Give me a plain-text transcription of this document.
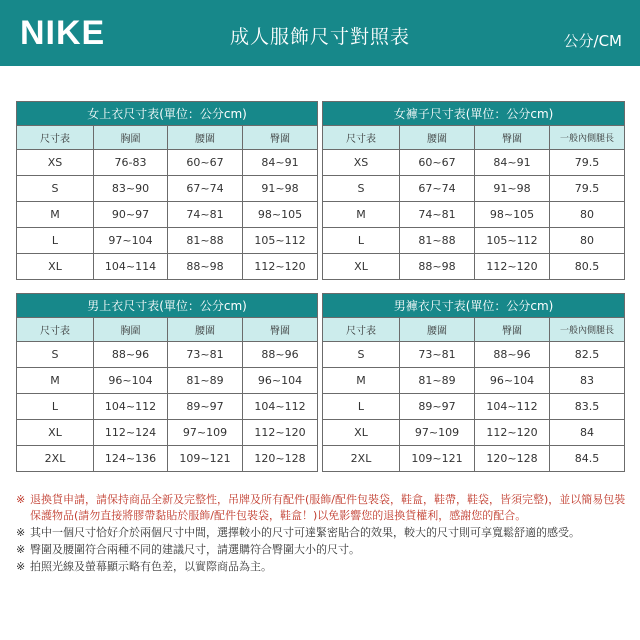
NIKE	成人服飾尺寸對照表	公分/CM
女上衣尺寸表(單位：公分cm)			
尺寸表	胸圍	腰圍	臀圍
XS	76-83	60~67	84~91
S	83~90	67~74	91~98
M	90~97	74~81	98~105
L	97~104	81~88	105~112
XL	104~114	88~98	112~120
女褲子尺寸表(單位：公分cm)			
尺寸表	腰圍	臀圍	一般內側腿長
XS	60~67	84~91	79.5
S	67~74	91~98	79.5
M	74~81	98~105	80
L	81~88	105~112	80
XL	88~98	112~120	80.5
男上衣尺寸表(單位：公分cm)			
尺寸表	胸圍	腰圍	臀圍
S	88~96	73~81	88~96
M	96~104	81~89	96~104
L	104~112	89~97	104~112
XL	112~124	97~109	112~120
2XL	124~136	109~121	120~128
男褲衣尺寸表(單位：公分cm)			
尺寸表	腰圍	臀圍	一般內側腿長
S	73~81	88~96	82.5
M	81~89	96~104	83
L	89~97	104~112	83.5
XL	97~109	112~120	84
2XL	109~121	120~128	84.5
※ 退換貨申請，請保持商品全新及完整性，吊牌及所有配件(服飾/配件包裝袋，鞋盒，鞋帶，鞋袋，皆須完整)，並以簡易包裝保護物品(請勿直接將膠帶黏貼於服飾/配件包裝袋，鞋盒！)以免影響您的退換貨權利，感謝您的配合。
※ 其中一個尺寸恰好介於兩個尺寸中間，選擇較小的尺寸可達緊密貼合的效果，較大的尺寸則可享寬鬆舒適的感受。
※ 臀圍及腰圍符合兩種不同的建議尺寸，請選購符合臀圍大小的尺寸。
※ 拍照光線及螢幕顯示略有色差，以實際商品為主。
